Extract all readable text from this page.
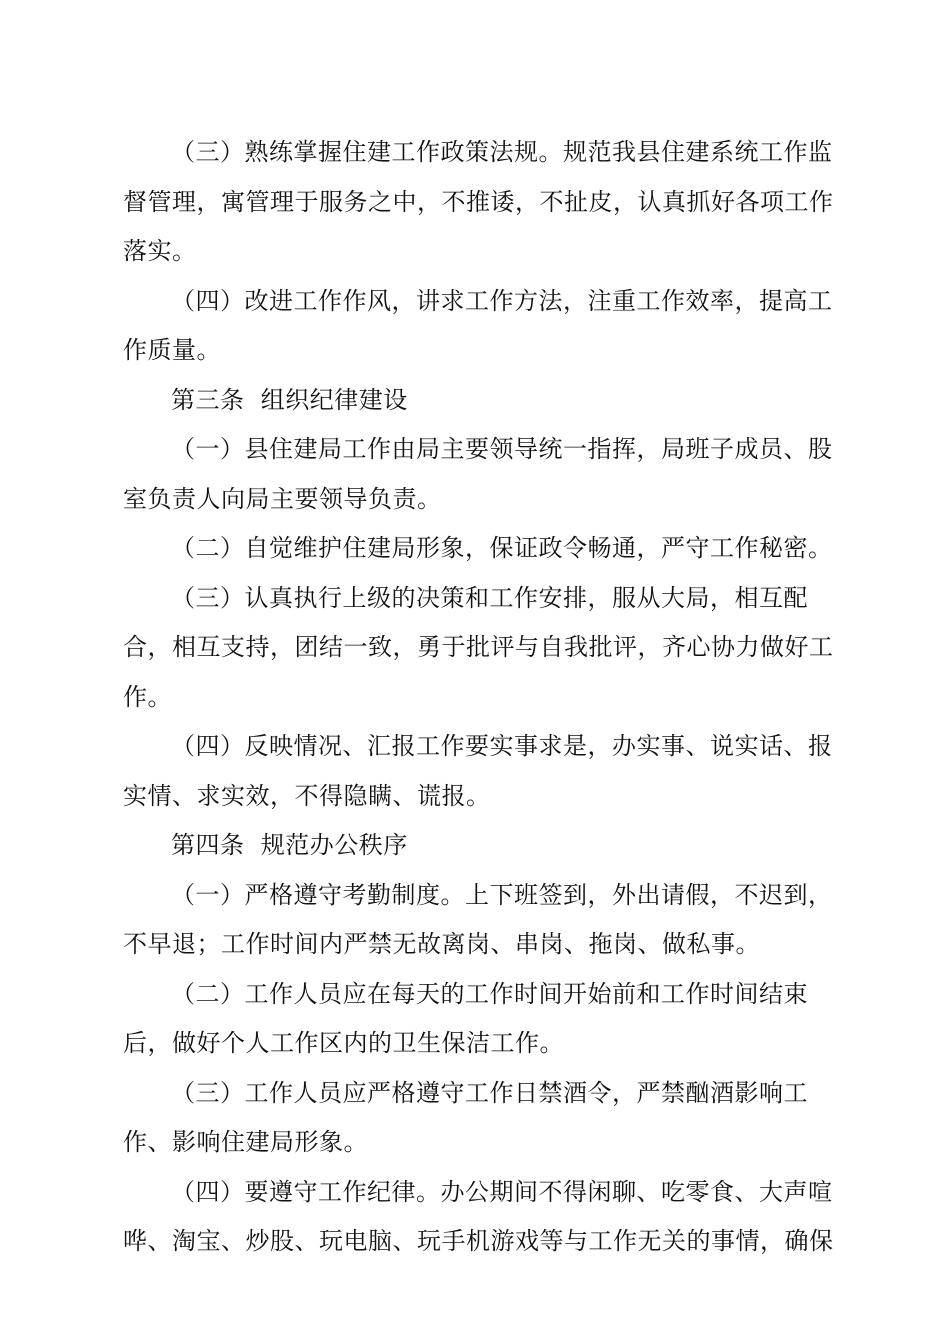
（三）熟练掌握住建工作政策法规。规范我县住建系统工作监督管理，寓管理于服务之中，不推诿，不扯皮，认真抓好各项工作落实。

（四）改进工作作风，讲求工作方法，注重工作效率，提高工作质量。

第三条  组织纪律建设

（一）县住建局工作由局主要领导统一指挥，局班子成员、股室负责人向局主要领导负责。

（二）自觉维护住建局形象，保证政令畅通，严守工作秘密。

（三）认真执行上级的决策和工作安排，服从大局，相互配合，相互支持，团结一致，勇于批评与自我批评，齐心协力做好工作。

（四）反映情况、汇报工作要实事求是，办实事、说实话、报实情、求实效，不得隐瞒、谎报。

第四条  规范办公秩序

（一）严格遵守考勤制度。上下班签到，外出请假，不迟到，不早退；工作时间内严禁无故离岗、串岗、拖岗、做私事。

（二）工作人员应在每天的工作时间开始前和工作时间结束后，做好个人工作区内的卫生保洁工作。

（三）工作人员应严格遵守工作日禁酒令，严禁酗酒影响工作、影响住建局形象。

（四）要遵守工作纪律。办公期间不得闲聊、吃零食、大声喧哗、淘宝、炒股、玩电脑、玩手机游戏等与工作无关的事情，确保
